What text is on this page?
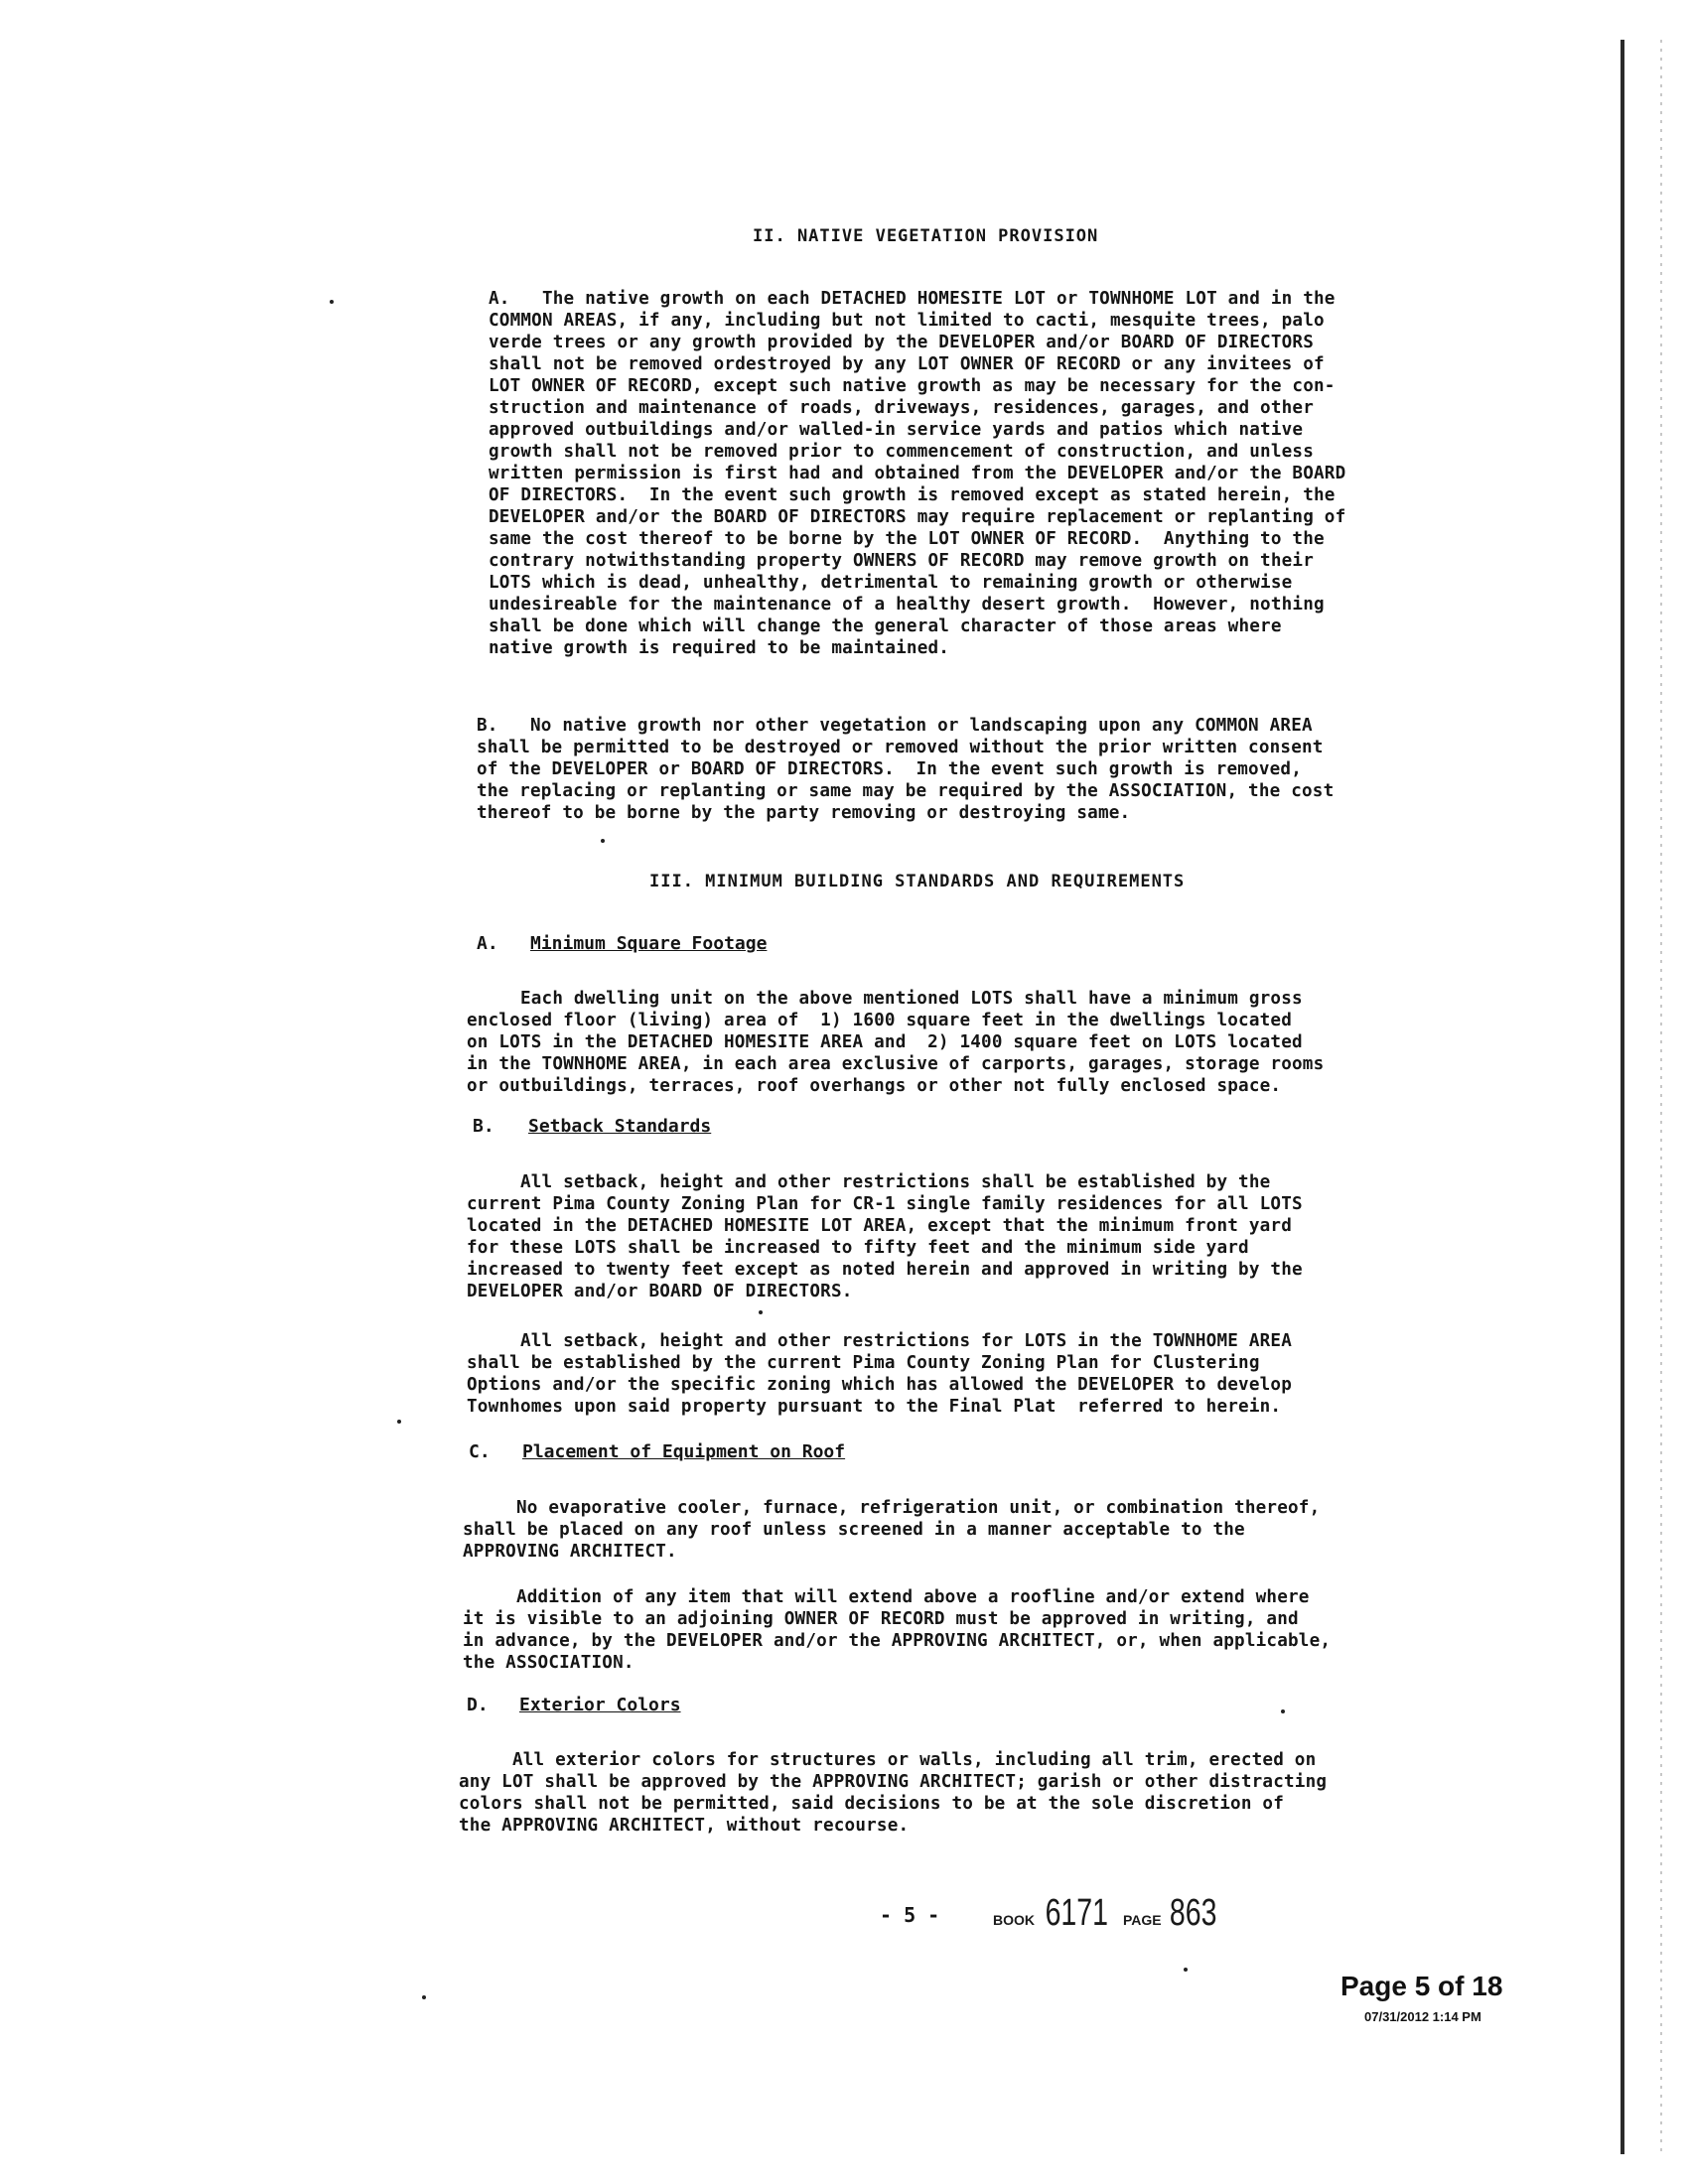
II. NATIVE VEGETATION PROVISION
A.   The native growth on each DETACHED HOMESITE LOT or TOWNHOME LOT and in the
COMMON AREAS, if any, including but not limited to cacti, mesquite trees, palo
verde trees or any growth provided by the DEVELOPER and/or BOARD OF DIRECTORS
shall not be removed ordestroyed by any LOT OWNER OF RECORD or any invitees of
LOT OWNER OF RECORD, except such native growth as may be necessary for the con-
struction and maintenance of roads, driveways, residences, garages, and other
approved outbuildings and/or walled-in service yards and patios which native
growth shall not be removed prior to commencement of construction, and unless
written permission is first had and obtained from the DEVELOPER and/or the BOARD
OF DIRECTORS.  In the event such growth is removed except as stated herein, the
DEVELOPER and/or the BOARD OF DIRECTORS may require replacement or replanting of
same the cost thereof to be borne by the LOT OWNER OF RECORD.  Anything to the
contrary notwithstanding property OWNERS OF RECORD may remove growth on their
LOTS which is dead, unhealthy, detrimental to remaining growth or otherwise
undesireable for the maintenance of a healthy desert growth.  However, nothing
shall be done which will change the general character of those areas where
native growth is required to be maintained.
B.   No native growth nor other vegetation or landscaping upon any COMMON AREA
shall be permitted to be destroyed or removed without the prior written consent
of the DEVELOPER or BOARD OF DIRECTORS.  In the event such growth is removed,
the replacing or replanting or same may be required by the ASSOCIATION, the cost
thereof to be borne by the party removing or destroying same.
III. MINIMUM BUILDING STANDARDS AND REQUIREMENTS
A. Minimum Square Footage
Each dwelling unit on the above mentioned LOTS shall have a minimum gross
enclosed floor (living) area of  1) 1600 square feet in the dwellings located
on LOTS in the DETACHED HOMESITE AREA and  2) 1400 square feet on LOTS located
in the TOWNHOME AREA, in each area exclusive of carports, garages, storage rooms
or outbuildings, terraces, roof overhangs or other not fully enclosed space.
B. Setback Standards
All setback, height and other restrictions shall be established by the
current Pima County Zoning Plan for CR-1 single family residences for all LOTS
located in the DETACHED HOMESITE LOT AREA, except that the minimum front yard
for these LOTS shall be increased to fifty feet and the minimum side yard
increased to twenty feet except as noted herein and approved in writing by the
DEVELOPER and/or BOARD OF DIRECTORS.
All setback, height and other restrictions for LOTS in the TOWNHOME AREA
shall be established by the current Pima County Zoning Plan for Clustering
Options and/or the specific zoning which has allowed the DEVELOPER to develop
Townhomes upon said property pursuant to the Final Plat  referred to herein.
C. Placement of Equipment on Roof
No evaporative cooler, furnace, refrigeration unit, or combination thereof,
shall be placed on any roof unless screened in a manner acceptable to the
APPROVING ARCHITECT.
Addition of any item that will extend above a roofline and/or extend where
it is visible to an adjoining OWNER OF RECORD must be approved in writing, and
in advance, by the DEVELOPER and/or the APPROVING ARCHITECT, or, when applicable,
the ASSOCIATION.
D. Exterior Colors
All exterior colors for structures or walls, including all trim, erected on
any LOT shall be approved by the APPROVING ARCHITECT; garish or other distracting
colors shall not be permitted, said decisions to be at the sole discretion of
the APPROVING ARCHITECT, without recourse.
- 5 -	BOOK 6171 PAGE 863
Page 5 of 18
07/31/2012 1:14 PM
